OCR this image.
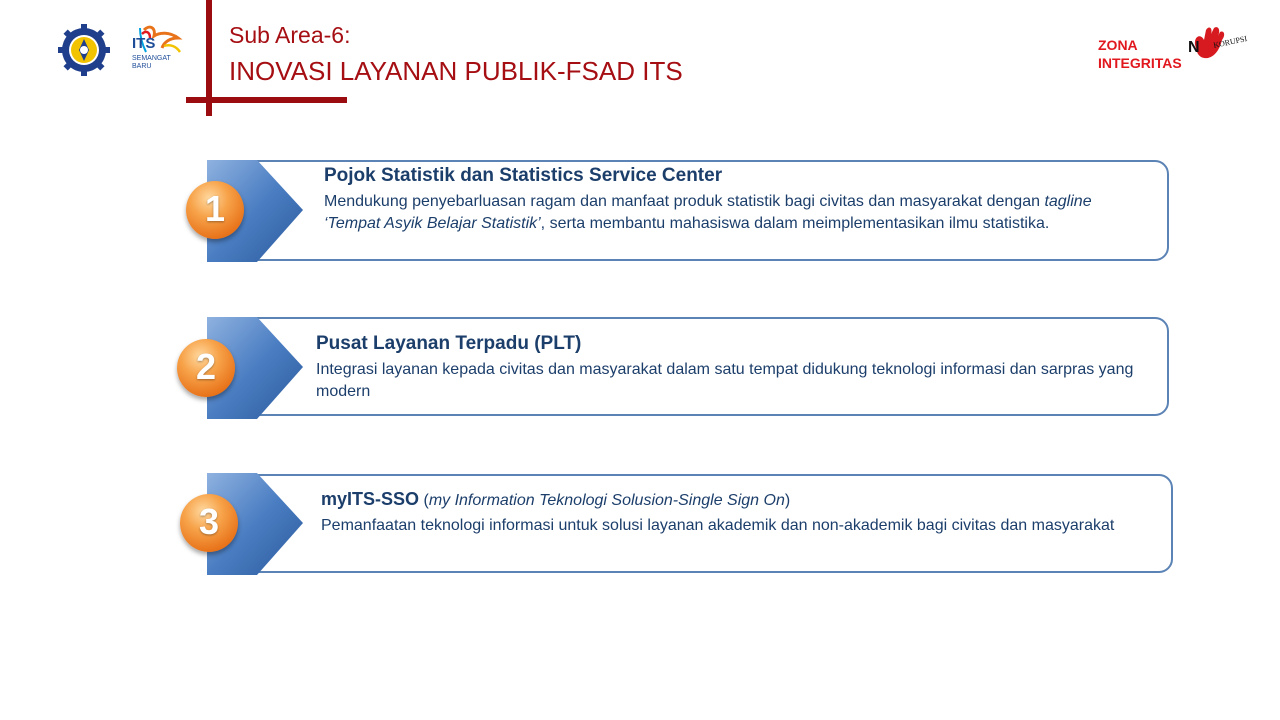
Sub Area-6:
INOVASI LAYANAN PUBLIK-FSAD ITS
ITS
SEMANGAT BARU
N KORUPSI
ZONA
INTEGRITAS
1
Pojok Statistik dan Statistics Service Center
Mendukung penyebarluasan ragam dan manfaat produk statistik bagi civitas dan masyarakat dengan tagline ‘Tempat Asyik Belajar Statistik’, serta membantu mahasiswa dalam meimplementasikan ilmu statistika.
2
Pusat Layanan Terpadu (PLT)
Integrasi layanan kepada civitas dan masyarakat dalam satu tempat didukung teknologi informasi dan sarpras yang modern
3
myITS-SSO (my Information Teknologi Solusion-Single Sign On)
Pemanfaatan teknologi informasi untuk solusi layanan akademik dan non-akademik bagi civitas dan masyarakat
